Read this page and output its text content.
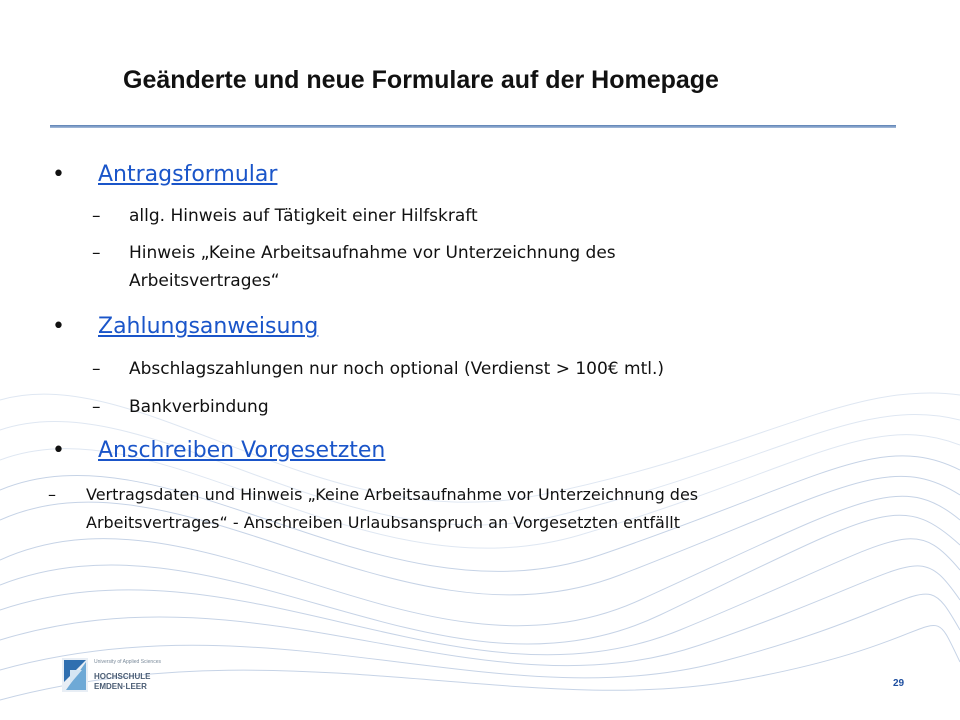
Geänderte und neue Formulare auf der Homepage
• Antragsformular
– allg. Hinweis auf Tätigkeit einer Hilfskraft
– Hinweis „Keine Arbeitsaufnahme vor Unterzeichnung des
Arbeitsvertrages“
• Zahlungsanweisung
– Abschlagszahlungen nur noch optional (Verdienst > 100€ mtl.)
– Bankverbindung
• Anschreiben Vorgesetzten
– Vertragsdaten und Hinweis „Keine Arbeitsaufnahme vor Unterzeichnung des
Arbeitsvertrages“ - Anschreiben Urlaubsanspruch an Vorgesetzten entfällt
University of Applied Sciences
HOCHSCHULE
EMDEN·LEER	29
